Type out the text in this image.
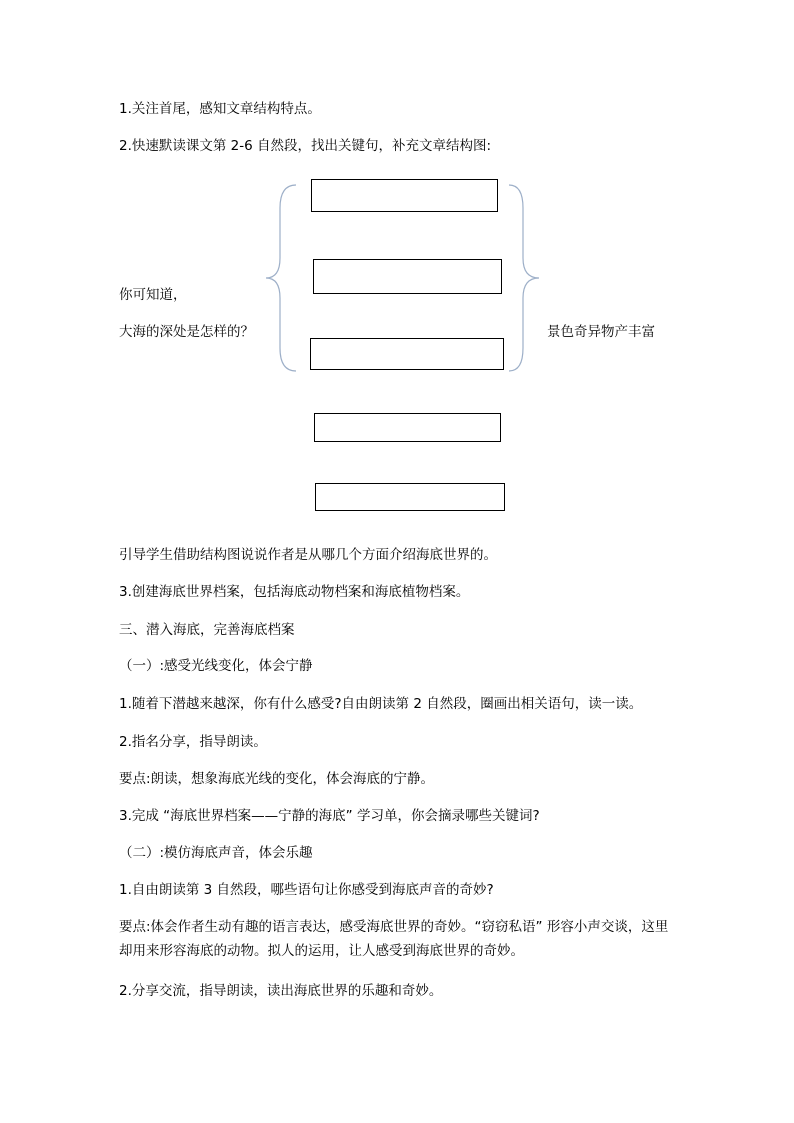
1.关注首尾，感知文章结构特点。
2.快速默读课文第 2-6 自然段，找出关键句，补充文章结构图:
你可知道，
大海的深处是怎样的？	景色奇异物产丰富
引导学生借助结构图说说作者是从哪几个方面介绍海底世界的。
3.创建海底世界档案，包括海底动物档案和海底植物档案。
三、潜入海底，完善海底档案
（一）:感受光线变化，体会宁静
1.随着下潜越来越深，你有什么感受?自由朗读第 2 自然段，圈画出相关语句，读一读。
2.指名分享，指导朗读。
要点:朗读，想象海底光线的变化，体会海底的宁静。
3.完成 “海底世界档案——宁静的海底” 学习单，你会摘录哪些关键词?
（二）:模仿海底声音，体会乐趣
1.自由朗读第 3 自然段，哪些语句让你感受到海底声音的奇妙?
要点:体会作者生动有趣的语言表达，感受海底世界的奇妙。“窃窃私语” 形容小声交谈，这里却用来形容海底的动物。拟人的运用，让人感受到海底世界的奇妙。
2.分享交流，指导朗读，读出海底世界的乐趣和奇妙。
